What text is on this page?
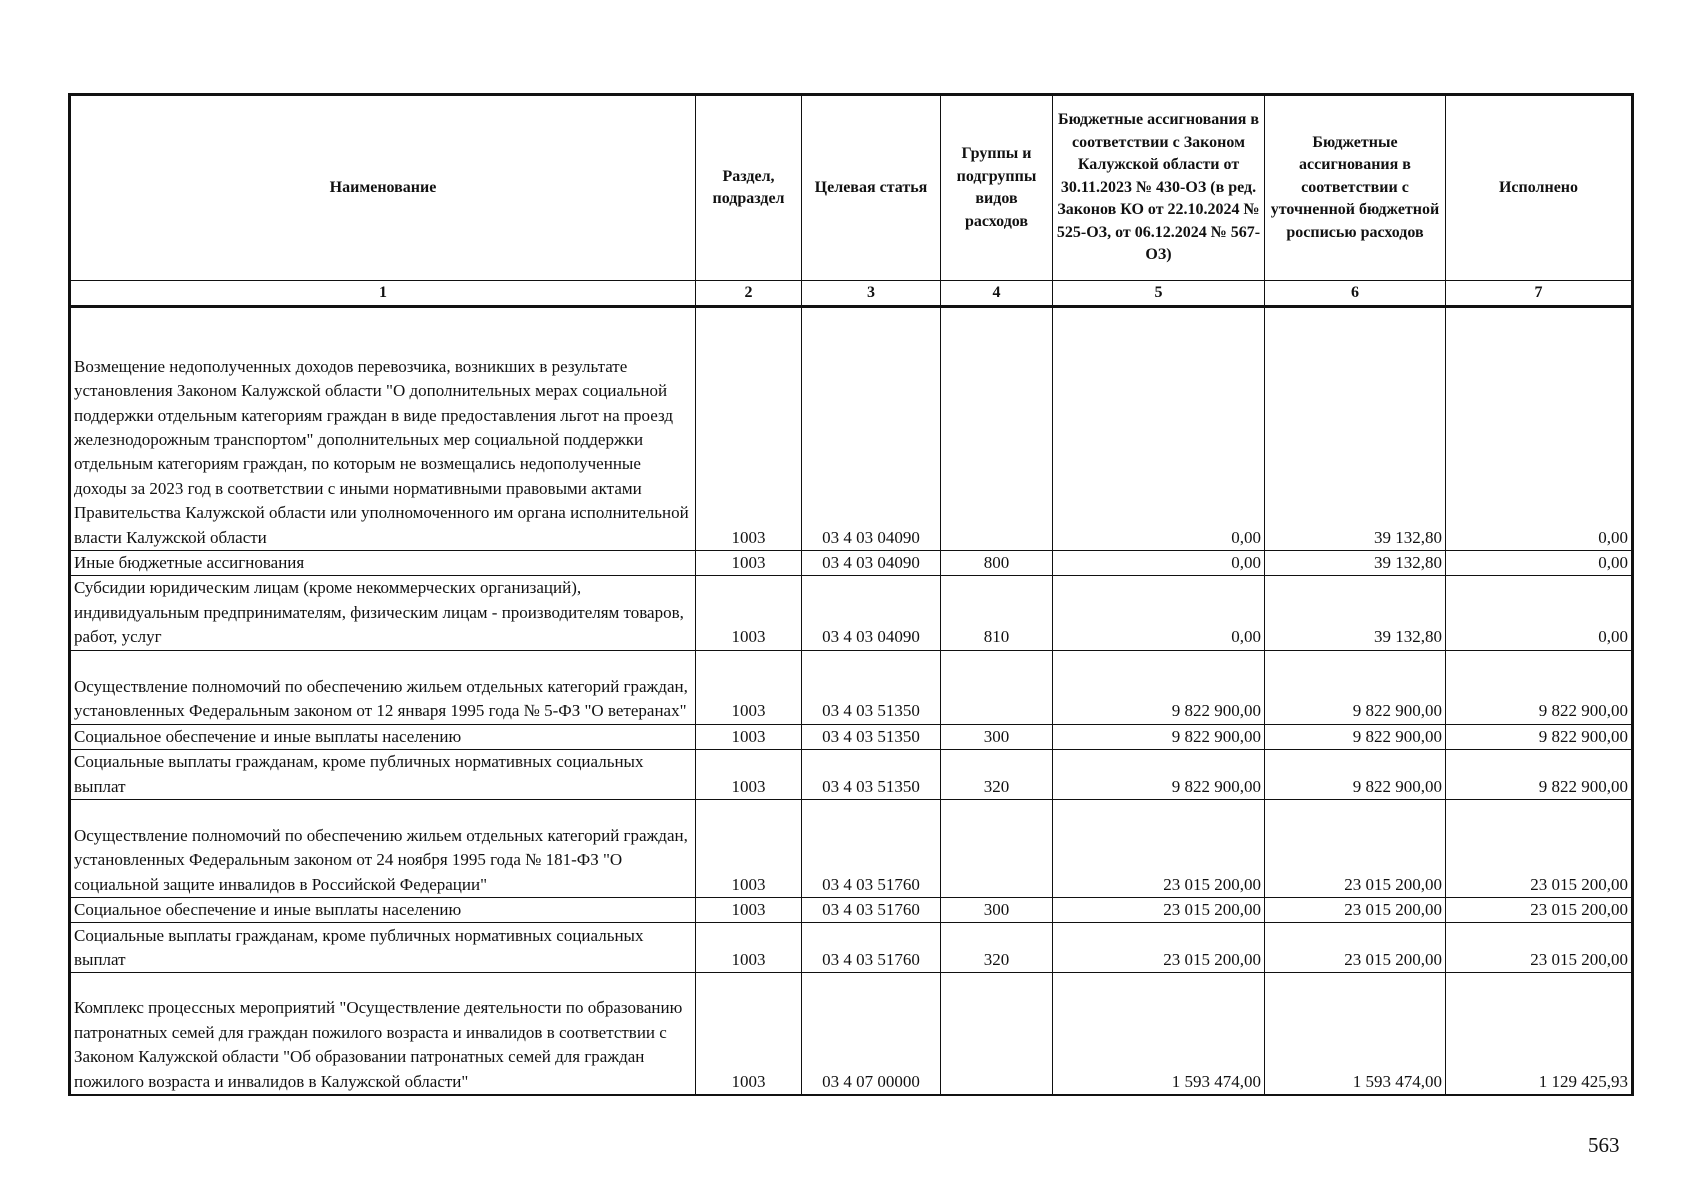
Наименование	Раздел, подраздел	Целевая статья	Группы и подгруппы видов расходов	Бюджетные ассигнования в соответствии с Законом Калужской области от 30.11.2023 № 430-ОЗ (в ред. Законов КО от 22.10.2024 № 525-ОЗ, от 06.12.2024 № 567-ОЗ)	Бюджетные ассигнования в соответствии с уточненной бюджетной росписью расходов	Исполнено
1	2	3	4	5	6	7
Возмещение недополученных доходов перевозчика, возникших в результате установления Законом Калужской области "О дополнительных мерах социальной поддержки отдельным категориям граждан в виде предоставления льгот на проезд железнодорожным транспортом" дополнительных мер социальной поддержки отдельным категориям граждан, по которым не возмещались недополученные доходы за 2023 год в соответствии с иными нормативными правовыми актами Правительства Калужской области или уполномоченного им органа исполнительной власти Калужской области	1003	03 4 03 04090		0,00	39 132,80	0,00
Иные бюджетные ассигнования	1003	03 4 03 04090	800	0,00	39 132,80	0,00
Субсидии юридическим лицам (кроме некоммерческих организаций), индивидуальным предпринимателям, физическим лицам - производителям товаров, работ, услуг	1003	03 4 03 04090	810	0,00	39 132,80	0,00
Осуществление полномочий по обеспечению жильем отдельных категорий граждан, установленных Федеральным законом от 12 января 1995 года № 5-ФЗ "О ветеранах"	1003	03 4 03 51350		9 822 900,00	9 822 900,00	9 822 900,00
Социальное обеспечение и иные выплаты населению	1003	03 4 03 51350	300	9 822 900,00	9 822 900,00	9 822 900,00
Социальные выплаты гражданам, кроме публичных нормативных социальных выплат	1003	03 4 03 51350	320	9 822 900,00	9 822 900,00	9 822 900,00
Осуществление полномочий по обеспечению жильем отдельных категорий граждан, установленных Федеральным законом от 24 ноября 1995 года № 181-ФЗ "О социальной защите инвалидов в Российской Федерации"	1003	03 4 03 51760		23 015 200,00	23 015 200,00	23 015 200,00
Социальное обеспечение и иные выплаты населению	1003	03 4 03 51760	300	23 015 200,00	23 015 200,00	23 015 200,00
Социальные выплаты гражданам, кроме публичных нормативных социальных выплат	1003	03 4 03 51760	320	23 015 200,00	23 015 200,00	23 015 200,00
Комплекс процессных мероприятий "Осуществление деятельности по образованию патронатных семей для граждан пожилого возраста и инвалидов в соответствии с Законом Калужской области "Об образовании патронатных семей для граждан пожилого возраста и инвалидов в Калужской области"	1003	03 4 07 00000		1 593 474,00	1 593 474,00	1 129 425,93
563
